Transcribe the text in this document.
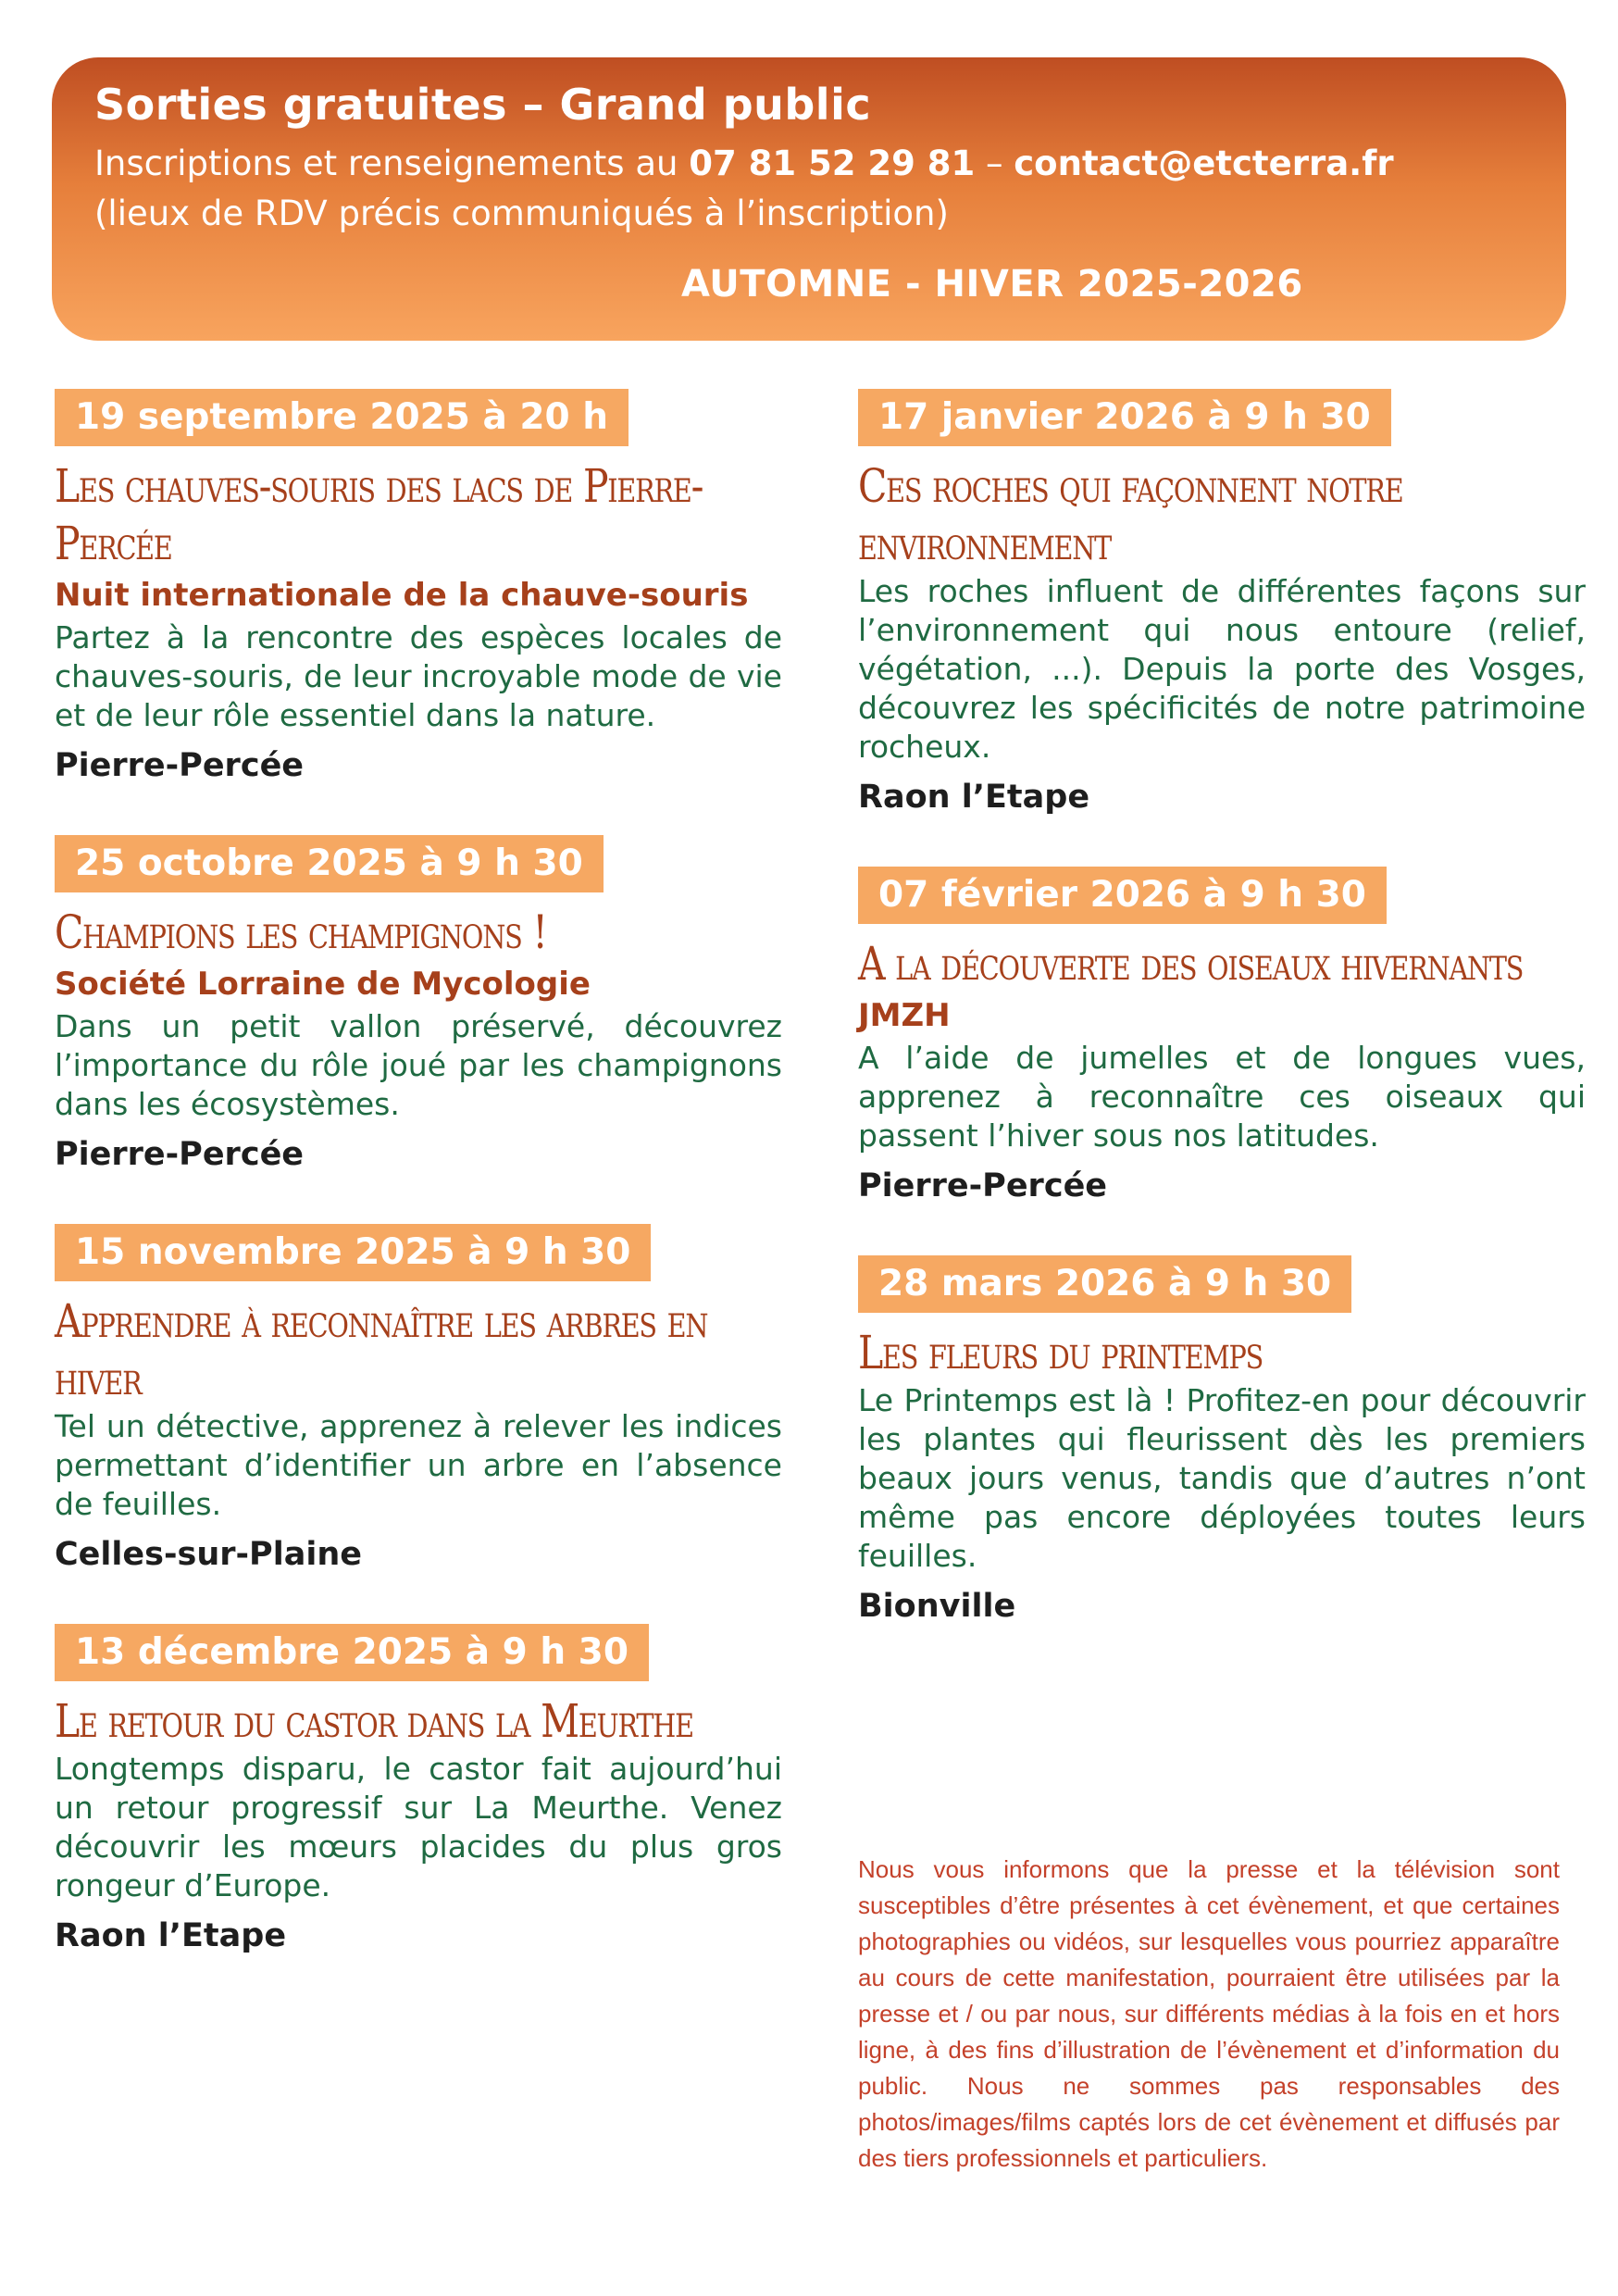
Sorties gratuites – Grand public
Inscriptions et renseignements au 07 81 52 29 81 – contact@etcterra.fr
(lieux de RDV précis communiqués à l’inscription)
AUTOMNE - HIVER 2025-2026
19 septembre 2025 à 20 h
Les chauves-souris des lacs de Pierre-Percée
Nuit internationale de la chauve-souris
Partez à la rencontre des espèces locales de chauves-souris, de leur incroyable mode de vie et de leur rôle essentiel dans la nature.
Pierre-Percée
25 octobre 2025 à 9 h 30
Champions les champignons !
Société Lorraine de Mycologie
Dans un petit vallon préservé, découvrez l’importance du rôle joué par les champignons dans les écosystèmes.
Pierre-Percée
15 novembre 2025 à 9 h 30
Apprendre à reconnaître les arbres en hiver
Tel un détective, apprenez à relever les indices permettant d’identifier un arbre en l’absence de feuilles.
Celles-sur-Plaine
13 décembre 2025 à 9 h 30
Le retour du castor dans la Meurthe
Longtemps disparu, le castor fait aujourd’hui un retour progressif sur La Meurthe. Venez découvrir les mœurs placides du plus gros rongeur d’Europe.
Raon l’Etape
17 janvier 2026 à 9 h 30
Ces roches qui façonnent notre environnement
Les roches influent de différentes façons sur l’environnement qui nous entoure (relief, végétation, ...). Depuis la porte des Vosges, découvrez les spécificités de notre patrimoine rocheux.
Raon l’Etape
07 février 2026 à 9 h 30
A la découverte des oiseaux hivernants
JMZH
A l’aide de jumelles et de longues vues, apprenez à reconnaître ces oiseaux qui passent l’hiver sous nos latitudes.
Pierre-Percée
28 mars 2026 à 9 h 30
Les fleurs du printemps
Le Printemps est là ! Profitez-en pour découvrir les plantes qui fleurissent dès les premiers beaux jours venus, tandis que d’autres n’ont même pas encore déployées toutes leurs feuilles.
Bionville
Nous vous informons que la presse et la télévision sont susceptibles d’être présentes à cet évènement, et que certaines photographies ou vidéos, sur lesquelles vous pourriez apparaître au cours de cette manifestation, pourraient être utilisées par la presse et / ou par nous, sur différents médias à la fois en et hors ligne, à des fins d’illustration de l’évènement et d’information du public. Nous ne sommes pas responsables des photos/images/films captés lors de cet évènement et diffusés par des tiers professionnels et particuliers.
